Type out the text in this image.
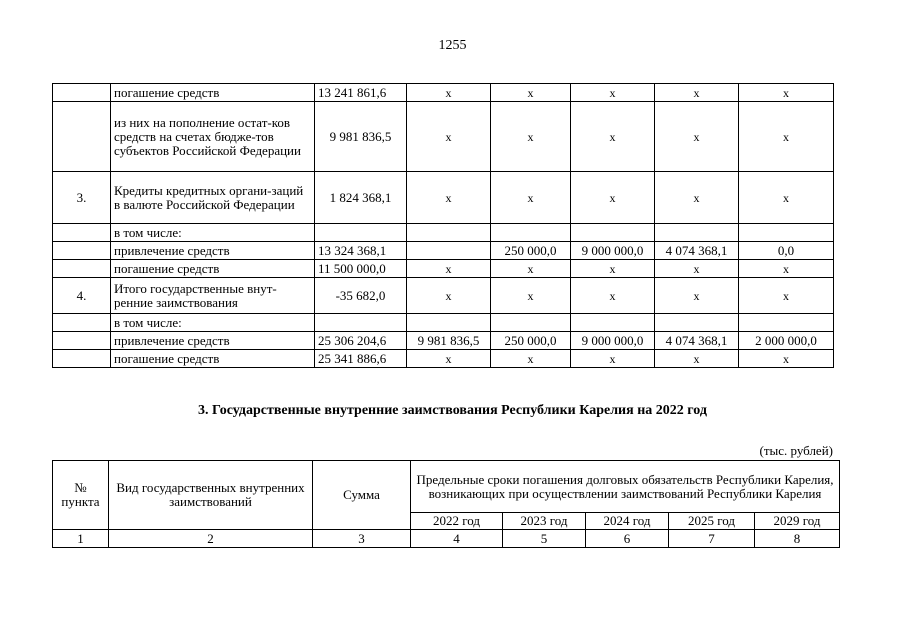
1255
	погашение средств	13 241 861,6	x	x	x	x	x
	из них на пополнение остат-ков средств на счетах бюдже-тов субъектов Российской Федерации	9 981 836,5	x	x	x	x	x
3.	Кредиты кредитных органи-заций в валюте Российской Федерации	1 824 368,1	x	x	x	x	x
	в том числе:						
	привлечение средств	13 324 368,1		250 000,0	9 000 000,0	4 074 368,1	0,0
	погашение средств	11 500 000,0	x	x	x	x	x
4.	Итого государственные внут-ренние заимствования	-35 682,0	x	x	x	x	x
	в том числе:						
	привлечение средств	25 306 204,6	9 981 836,5	250 000,0	9 000 000,0	4 074 368,1	2 000 000,0
	погашение средств	25 341 886,6	x	x	x	x	x
3. Государственные внутренние заимствования Республики Карелия на 2022 год
(тыс. рублей)
№ пункта	Вид государственных внутренних заимствований	Сумма	Предельные сроки погашения долговых обязательств Республики Карелия, возникающих при осуществлении заимствований Республики Карелия				
			2022 год	2023 год	2024 год	2025 год	2029 год
1	2	3	4	5	6	7	8
